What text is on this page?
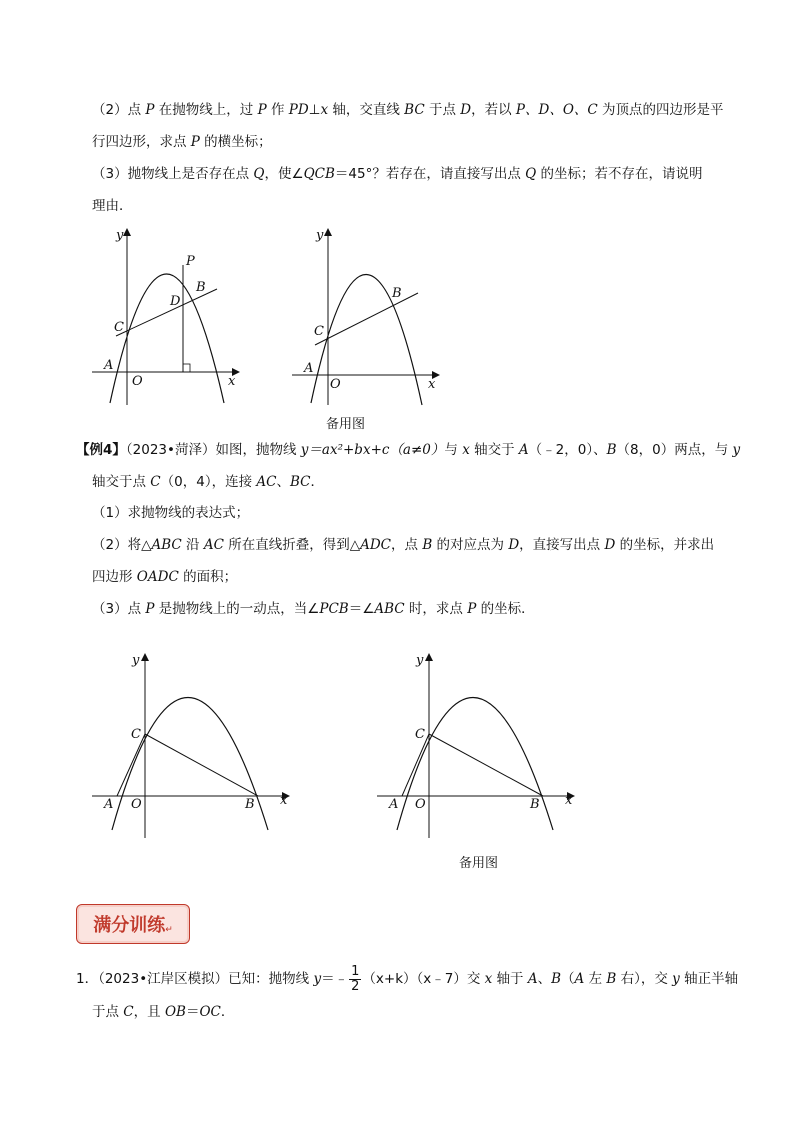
（2）点 P 在抛物线上，过 P 作 PD⊥x 轴，交直线 BC 于点 D，若以 P、D、O、C 为顶点的四边形是平
行四边形，求点 P 的横坐标；
（3）抛物线上是否存在点 Q，使∠QCB＝45°？若存在，请直接写出点 Q 的坐标；若不存在，请说明
理由．
y
x
O
A
C
D
B
P
y
x
O
A
C
B
备用图
【例4】（2023•菏泽）如图，抛物线 y＝ax²+bx+c（a≠0）与 x 轴交于 A（﹣2，0）、B（8，0）两点，与 y
轴交于点 C（0，4），连接 AC、BC．
（1）求抛物线的表达式；
（2）将△ABC 沿 AC 所在直线折叠，得到△ADC，点 B 的对应点为 D，直接写出点 D 的坐标，并求出
四边形 OADC 的面积；
（3）点 P 是抛物线上的一动点，当∠PCB＝∠ABC 时，求点 P 的坐标．
y
x
O
A
C
B
y
x
O
A
C
B
备用图
满分训练 ↵
1．（2023•江岸区模拟）已知：抛物线 y＝﹣ $\frac{1}{2}$ （x+k）（x﹣7）交 x 轴于 A、B（A 左 B 右），交 y 轴正半轴
于点 C，且 OB＝OC．
